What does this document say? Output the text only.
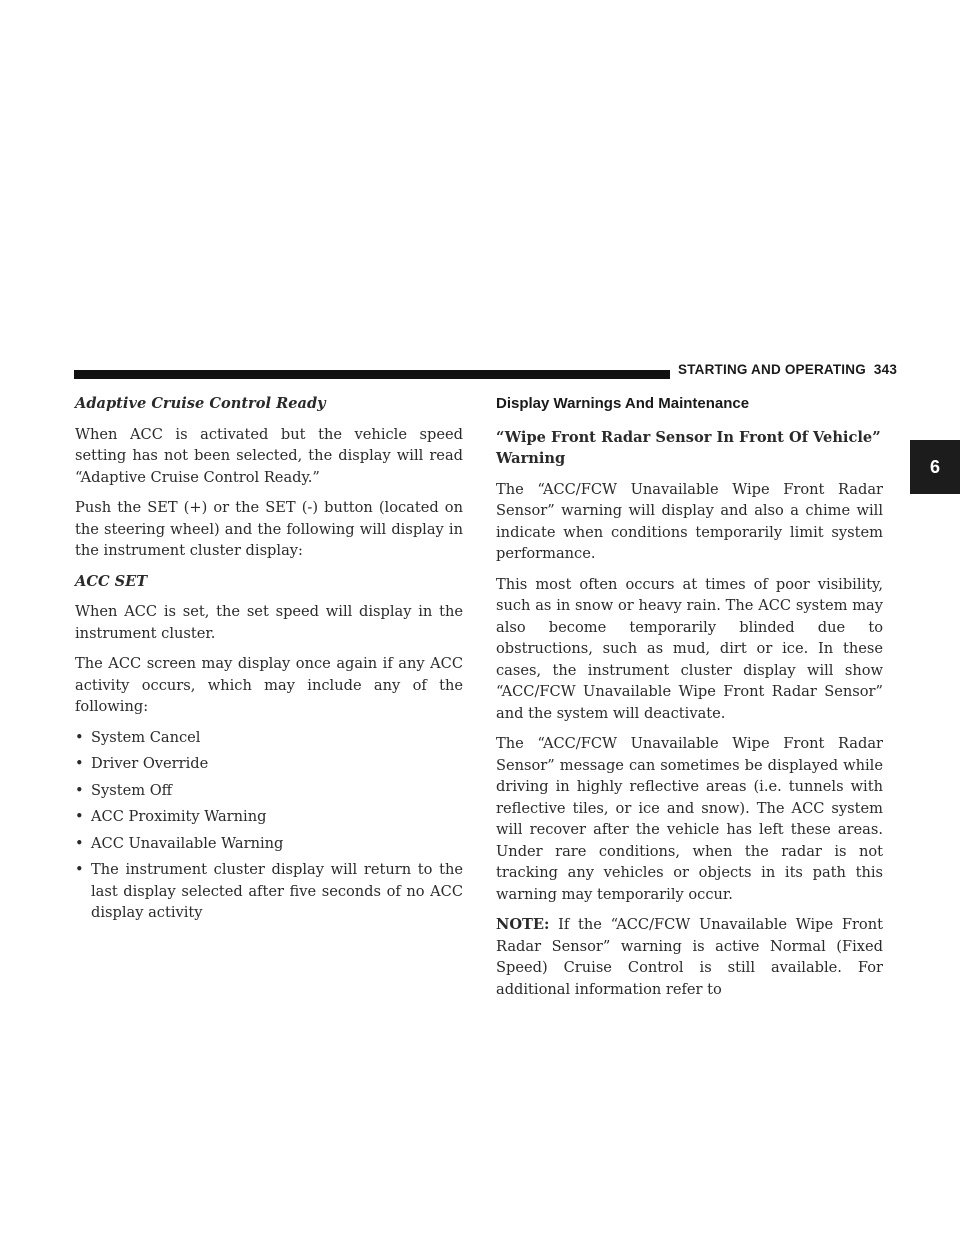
STARTING AND OPERATING 343
6
Adaptive Cruise Control Ready

When ACC is activated but the vehicle speed setting has not been selected, the display will read “Adaptive Cruise Control Ready.”

Push the SET (+) or the SET (-) button (located on the steering wheel) and the following will display in the instrument cluster display:

ACC SET

When ACC is set, the set speed will display in the instrument cluster.

The ACC screen may display once again if any ACC activity occurs, which may include any of the following:

• System Cancel
• Driver Override
• System Off
• ACC Proximity Warning
• ACC Unavailable Warning
• The instrument cluster display will return to the last display selected after five seconds of no ACC display activity
Display Warnings And Maintenance
“Wipe Front Radar Sensor In Front Of Vehicle” Warning

The “ACC/FCW Unavailable Wipe Front Radar Sensor” warning will display and also a chime will indicate when conditions temporarily limit system performance.

This most often occurs at times of poor visibility, such as in snow or heavy rain. The ACC system may also become temporarily blinded due to obstructions, such as mud, dirt or ice. In these cases, the instrument cluster display will show “ACC/FCW Unavailable Wipe Front Radar Sensor” and the system will deactivate.

The “ACC/FCW Unavailable Wipe Front Radar Sensor” message can sometimes be displayed while driving in highly reflective areas (i.e. tunnels with reflective tiles, or ice and snow). The ACC system will recover after the vehicle has left these areas. Under rare conditions, when the radar is not tracking any vehicles or objects in its path this warning may temporarily occur.

NOTE: If the “ACC/FCW Unavailable Wipe Front Radar Sensor” warning is active Normal (Fixed Speed) Cruise Control is still available. For additional information refer to
